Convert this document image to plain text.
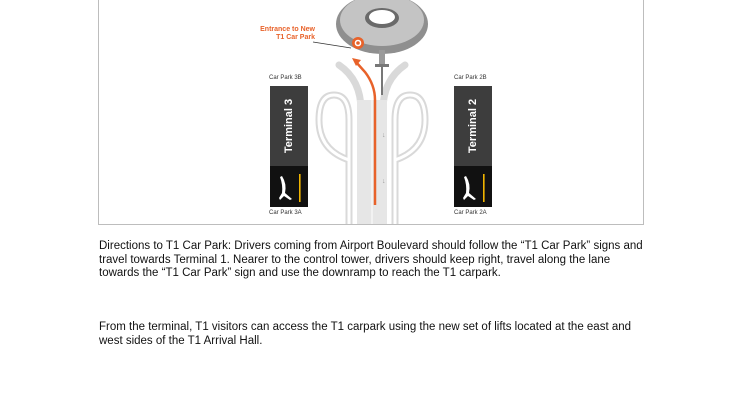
↓
↓
Entrance to New
T1 Car Park
Car Park 3B
Car Park 3A
Car Park 2B
Car Park 2A
Terminal 3	Terminal 2

Directions to T1 Car Park: Drivers coming from Airport Boulevard should follow the “T1 Car Park” signs and travel towards Terminal 1. Nearer to the control tower, drivers should keep right, travel along the lane towards the “T1 Car Park” sign and use the downramp to reach the T1 carpark.

From the terminal, T1 visitors can access the T1 carpark using the new set of lifts located at the east and west sides of the T1 Arrival Hall.
